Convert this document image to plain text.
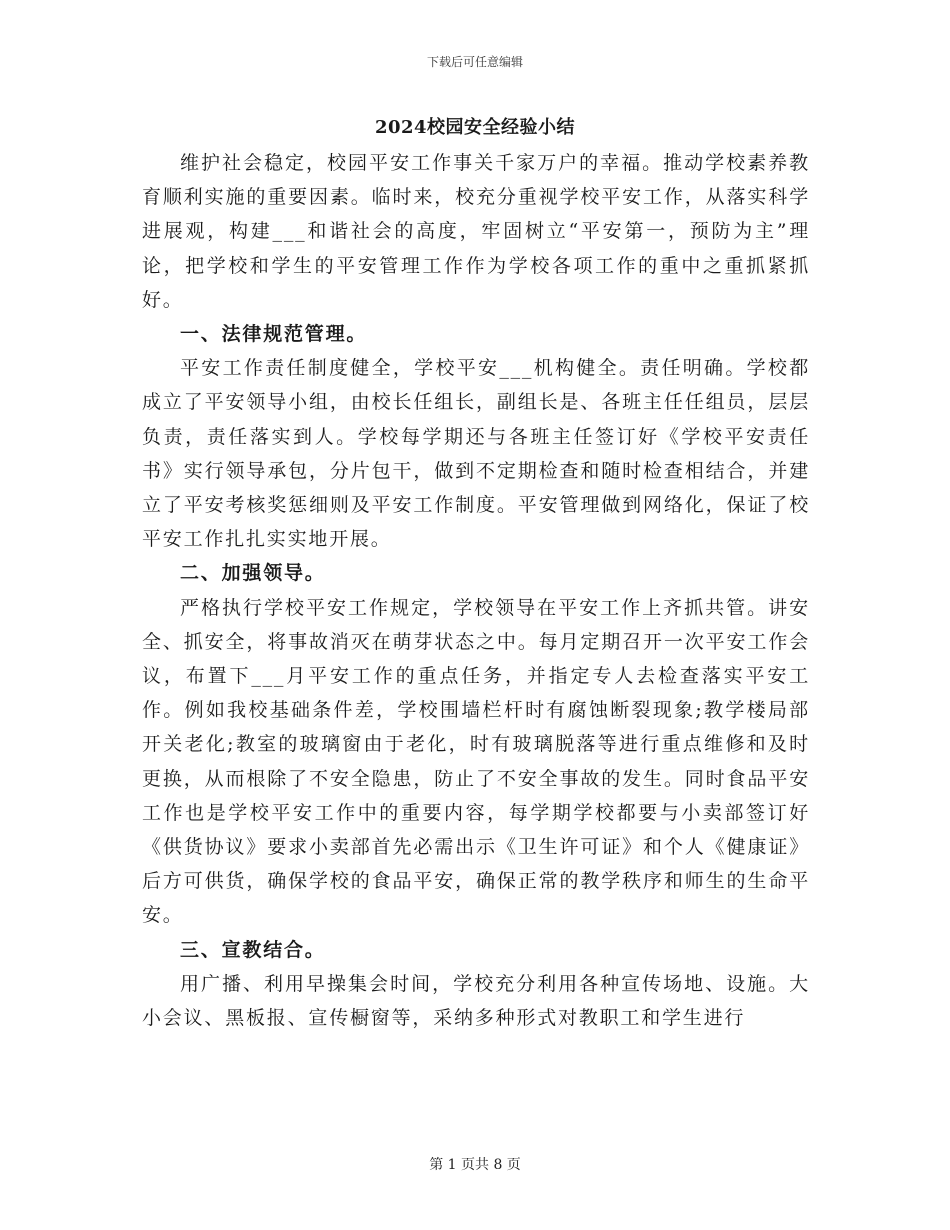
下载后可任意编辑
2024校园安全经验小结

维护社会稳定，校园平安工作事关千家万户的幸福。推动学校素养教育顺利实施的重要因素。临时来，校充分重视学校平安工作，从落实科学进展观，构建___和谐社会的高度，牢固树立“平安第一，预防为主”理论，把学校和学生的平安管理工作作为学校各项工作的重中之重抓紧抓好。

一、法律规范管理。

平安工作责任制度健全，学校平安___机构健全。责任明确。学校都成立了平安领导小组，由校长任组长，副组长是、各班主任任组员，层层负责，责任落实到人。学校每学期还与各班主任签订好《学校平安责任书》实行领导承包，分片包干，做到不定期检查和随时检查相结合，并建立了平安考核奖惩细则及平安工作制度。平安管理做到网络化，保证了校平安工作扎扎实实地开展。

二、加强领导。

严格执行学校平安工作规定，学校领导在平安工作上齐抓共管。讲安全、抓安全，将事故消灭在萌芽状态之中。每月定期召开一次平安工作会议，布置下___月平安工作的重点任务，并指定专人去检查落实平安工作。例如我校基础条件差，学校围墙栏杆时有腐蚀断裂现象;教学楼局部开关老化;教室的玻璃窗由于老化，时有玻璃脱落等进行重点维修和及时更换，从而根除了不安全隐患，防止了不安全事故的发生。同时食品平安工作也是学校平安工作中的重要内容，每学期学校都要与小卖部签订好《供货协议》要求小卖部首先必需出示《卫生许可证》和个人《健康证》后方可供货，确保学校的食品平安，确保正常的教学秩序和师生的生命平安。

三、宣教结合。

用广播、利用早操集会时间，学校充分利用各种宣传场地、设施。大小会议、黑板报、宣传橱窗等，采纳多种形式对教职工和学生进行

第 1 页共 8 页
